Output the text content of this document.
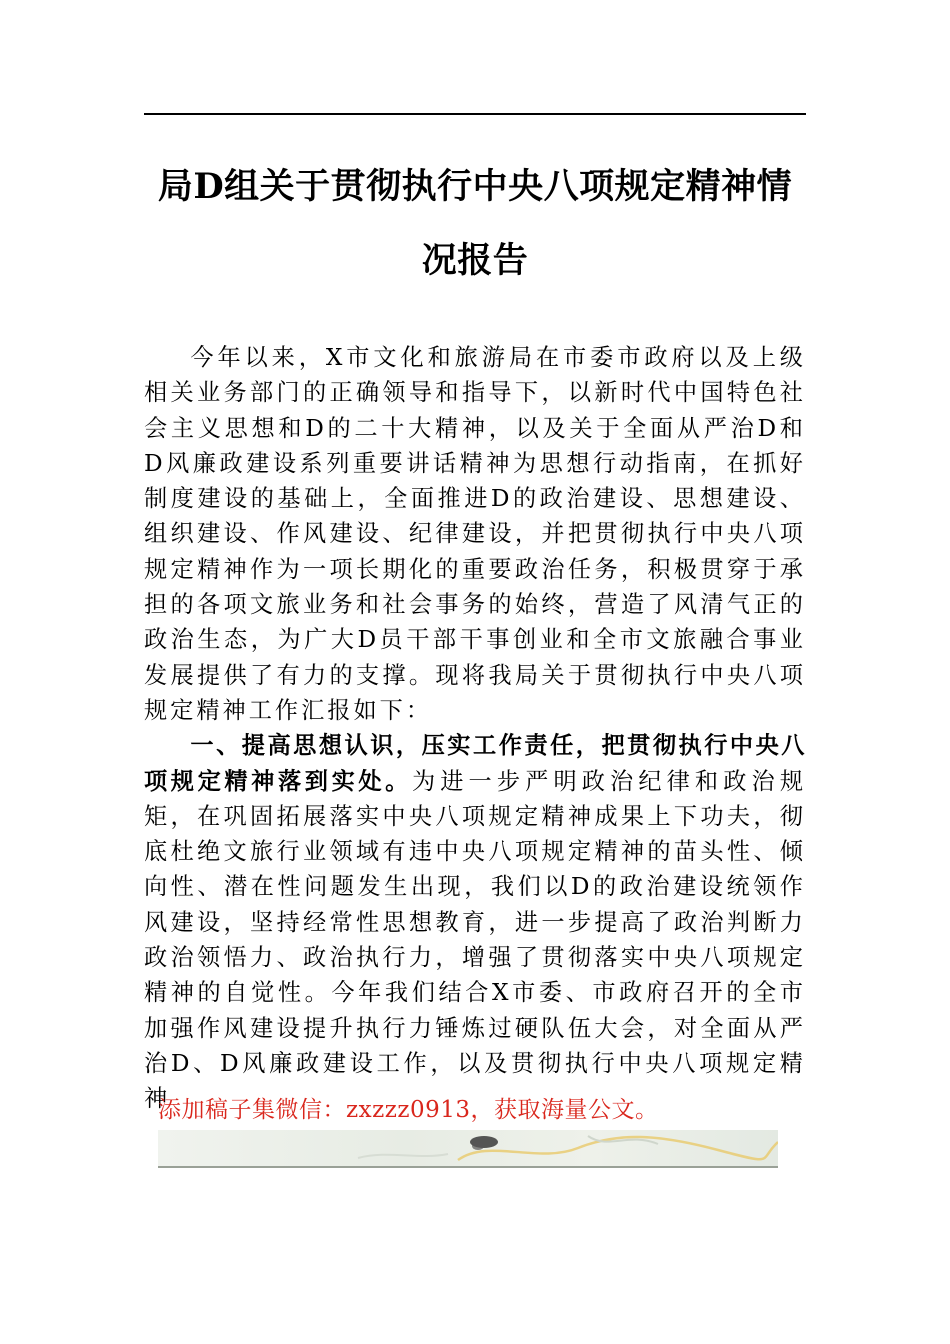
局D组关于贯彻执行中央八项规定精神情
况报告

今年以来，X市文化和旅游局在市委市政府以及上级相关业务部门的正确领导和指导下，以新时代中国特色社会主义思想和D的二十大精神，以及关于全面从严治D和D风廉政建设系列重要讲话精神为思想行动指南，在抓好制度建设的基础上，全面推进D的政治建设、思想建设、组织建设、作风建设、纪律建设，并把贯彻执行中央八项规定精神作为一项长期化的重要政治任务，积极贯穿于承担的各项文旅业务和社会事务的始终，营造了风清气正的政治生态，为广大D员干部干事创业和全市文旅融合事业发展提供了有力的支撑。现将我局关于贯彻执行中央八项规定精神工作汇报如下：

一、提高思想认识，压实工作责任，把贯彻执行中央八项规定精神落到实处。为进一步严明政治纪律和政治规矩，在巩固拓展落实中央八项规定精神成果上下功夫，彻底杜绝文旅行业领域有违中央八项规定精神的苗头性、倾向性、潜在性问题发生出现，我们以D的政治建设统领作风建设，坚持经常性思想教育，进一步提高了政治判断力政治领悟力、政治执行力，增强了贯彻落实中央八项规定精神的自觉性。今年我们结合X市委、市政府召开的全市加强作风建设提升执行力锤炼过硬队伍大会，对全面从严治D、D风廉政建设工作，以及贯彻执行中央八项规定精神

添加稿子集微信：zxzzz0913，获取海量公文。
